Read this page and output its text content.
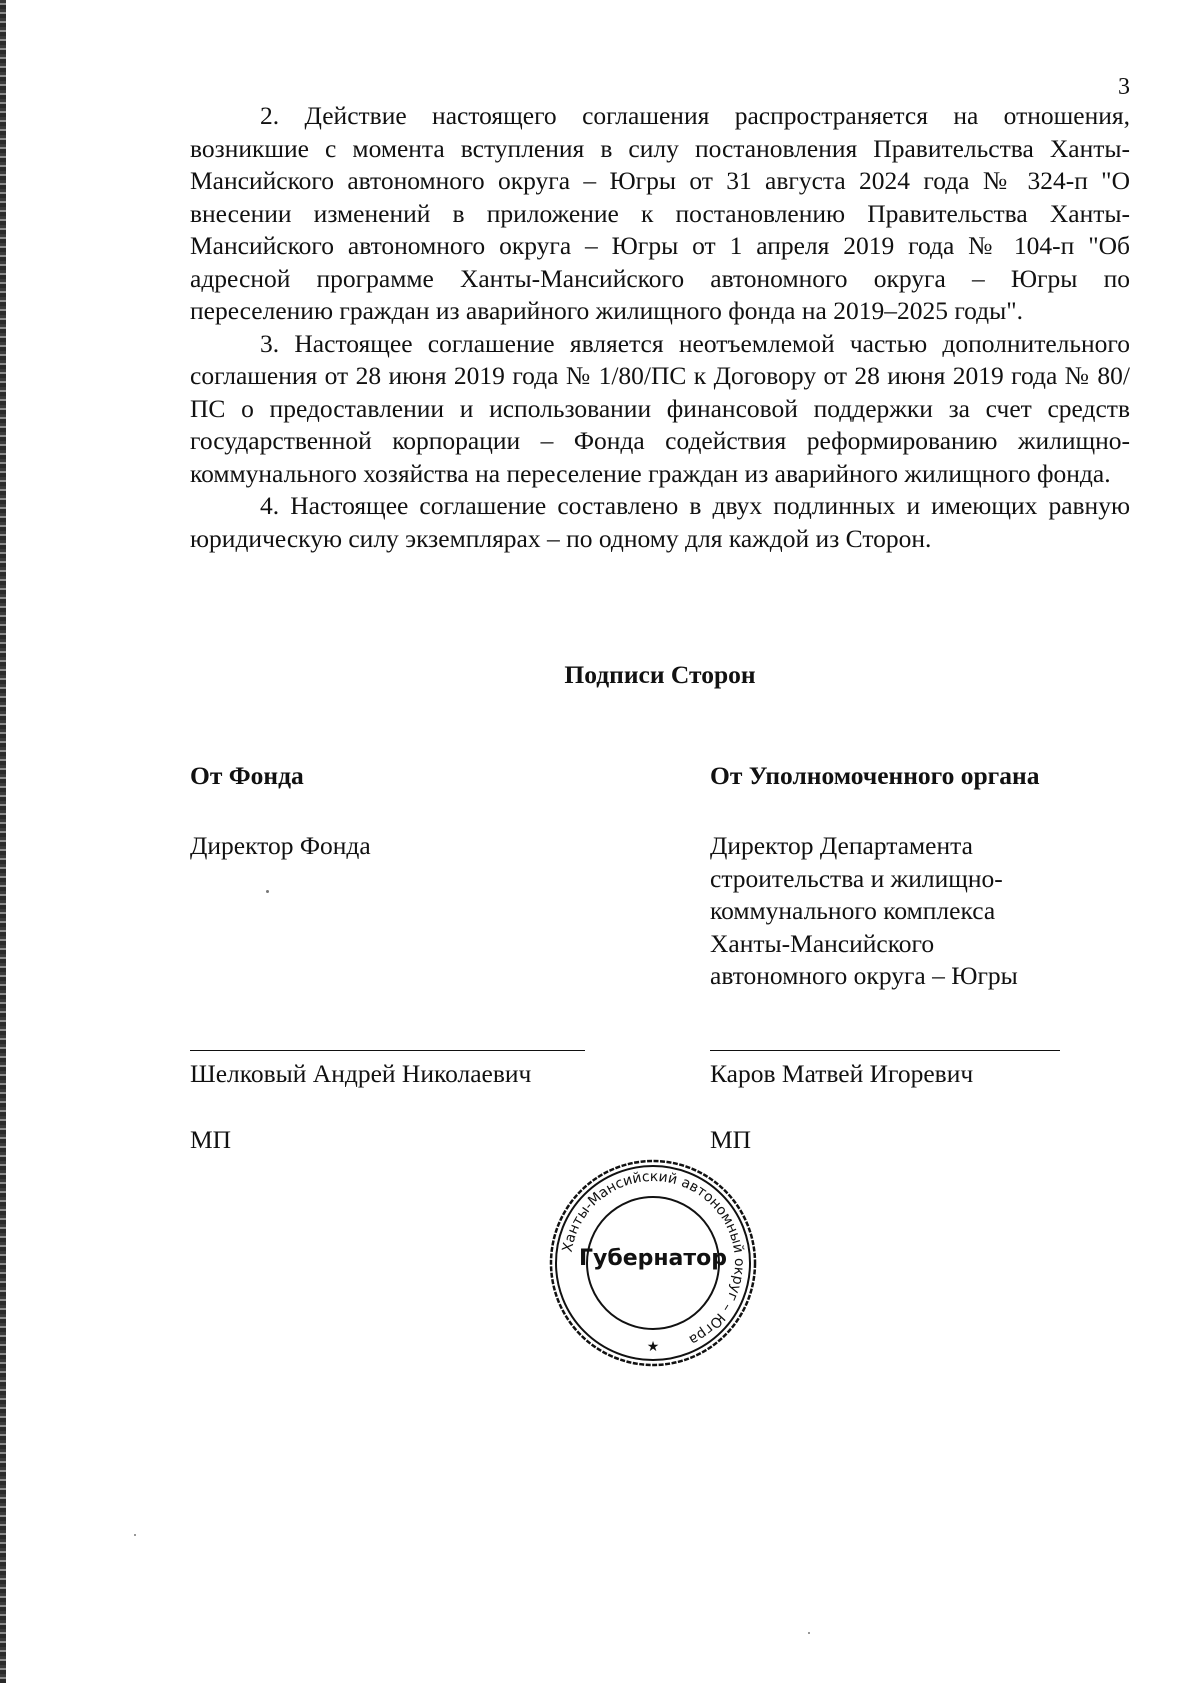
3

2. Действие настоящего соглашения распространяется на отношения, возникшие с момента вступления в силу постановления Правительства Ханты-Мансийского автономного округа – Югры от 31 августа 2024 года № 324-п "О внесении изменений в приложение к постановлению Правительства Ханты-Мансийского автономного округа – Югры от 1 апреля 2019 года № 104-п "Об адресной программе Ханты-Мансийского автономного округа – Югры по переселению граждан из аварийного жилищного фонда на 2019–2025 годы".

3. Настоящее соглашение является неотъемлемой частью дополнительного соглашения от 28 июня 2019 года № 1/80/ПС к Договору от 28 июня 2019 года № 80/ПС о предоставлении и использовании финансовой поддержки за счет средств государственной корпорации – Фонда содействия реформированию жилищно-коммунального хозяйства на переселение граждан из аварийного жилищного фонда.

4. Настоящее соглашение составлено в двух подлинных и имеющих равную юридическую силу экземплярах – по одному для каждой из Сторон.

Подписи Сторон
От Фонда	От Уполномоченного органа
Директор Фонда	Директор Департамента
строительства и жилищно-
коммунального комплекса
Ханты-Мансийского
автономного округа – Югры
Шелковый Андрей Николаевич	Каров Матвей Игоревич
МП	МП
Ханты-Мансийский автономный округ – Югра
★
Губернатор
